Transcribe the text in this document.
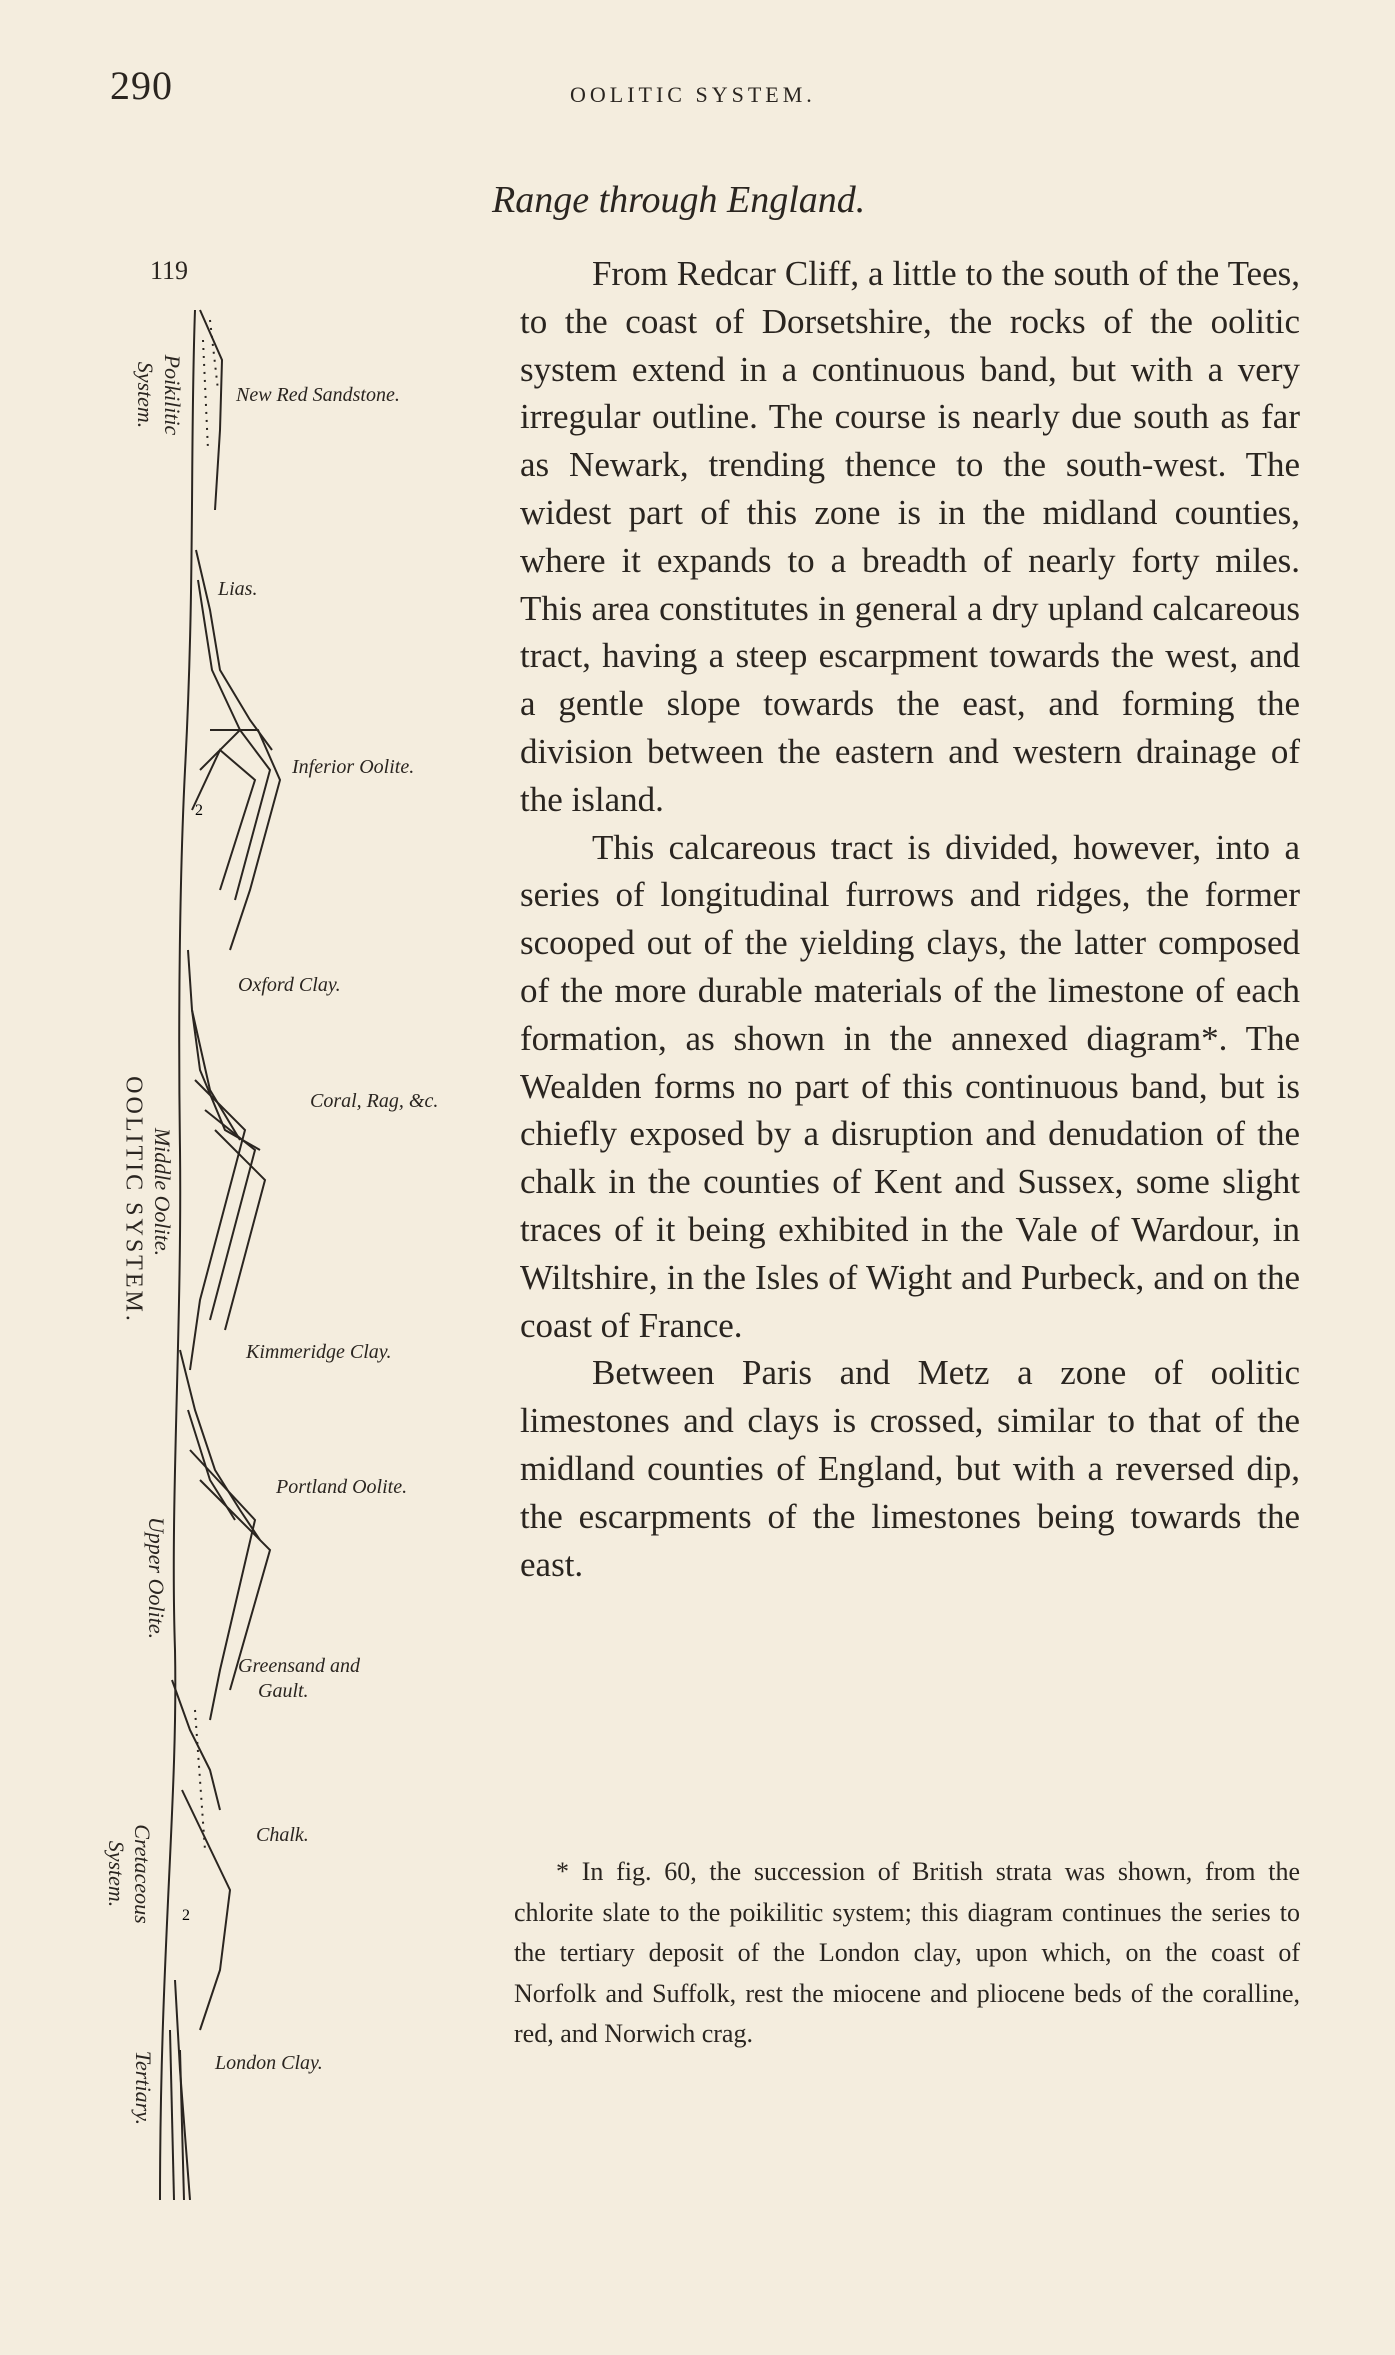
290	OOLITIC SYSTEM.
Range through England.
119
2
2
New Red Sandstone.
Lias.
Inferior Oolite.
Oxford Clay.
Coral, Rag, &c.
Kimmeridge Clay.
Portland Oolite.
Greensand and
Gault.
Chalk.
London Clay.
Poikilitic
System.
OOLITIC SYSTEM. Middle Oolite.
Upper Oolite.
Cretaceous
System.
Tertiary.

From Redcar Cliff, a little to the south of the Tees, to the coast of Dorsetshire, the rocks of the oolitic system extend in a continuous band, but with a very irregular outline. The course is nearly due south as far as Newark, trending thence to the south-west. The widest part of this zone is in the midland counties, where it expands to a breadth of nearly forty miles. This area constitutes in general a dry upland calcareous tract, having a steep escarpment towards the west, and a gentle slope towards the east, and forming the division between the eastern and western drainage of the island.

This calcareous tract is divided, however, into a series of longitudinal furrows and ridges, the former scooped out of the yielding clays, the latter composed of the more durable materials of the limestone of each formation, as shown in the annexed diagram*. The Wealden forms no part of this continuous band, but is chiefly exposed by a disruption and denudation of the chalk in the counties of Kent and Sussex, some slight traces of it being exhibited in the Vale of Wardour, in Wiltshire, in the Isles of Wight and Purbeck, and on the coast of France.

Between Paris and Metz a zone of oolitic limestones and clays is crossed, similar to that of the midland counties of England, but with a reversed dip, the escarpments of the limestones being towards the east.

* In fig. 60, the succession of British strata was shown, from the chlorite slate to the poikilitic system; this diagram continues the series to the tertiary deposit of the London clay, upon which, on the coast of Norfolk and Suffolk, rest the miocene and pliocene beds of the coralline, red, and Norwich crag.
